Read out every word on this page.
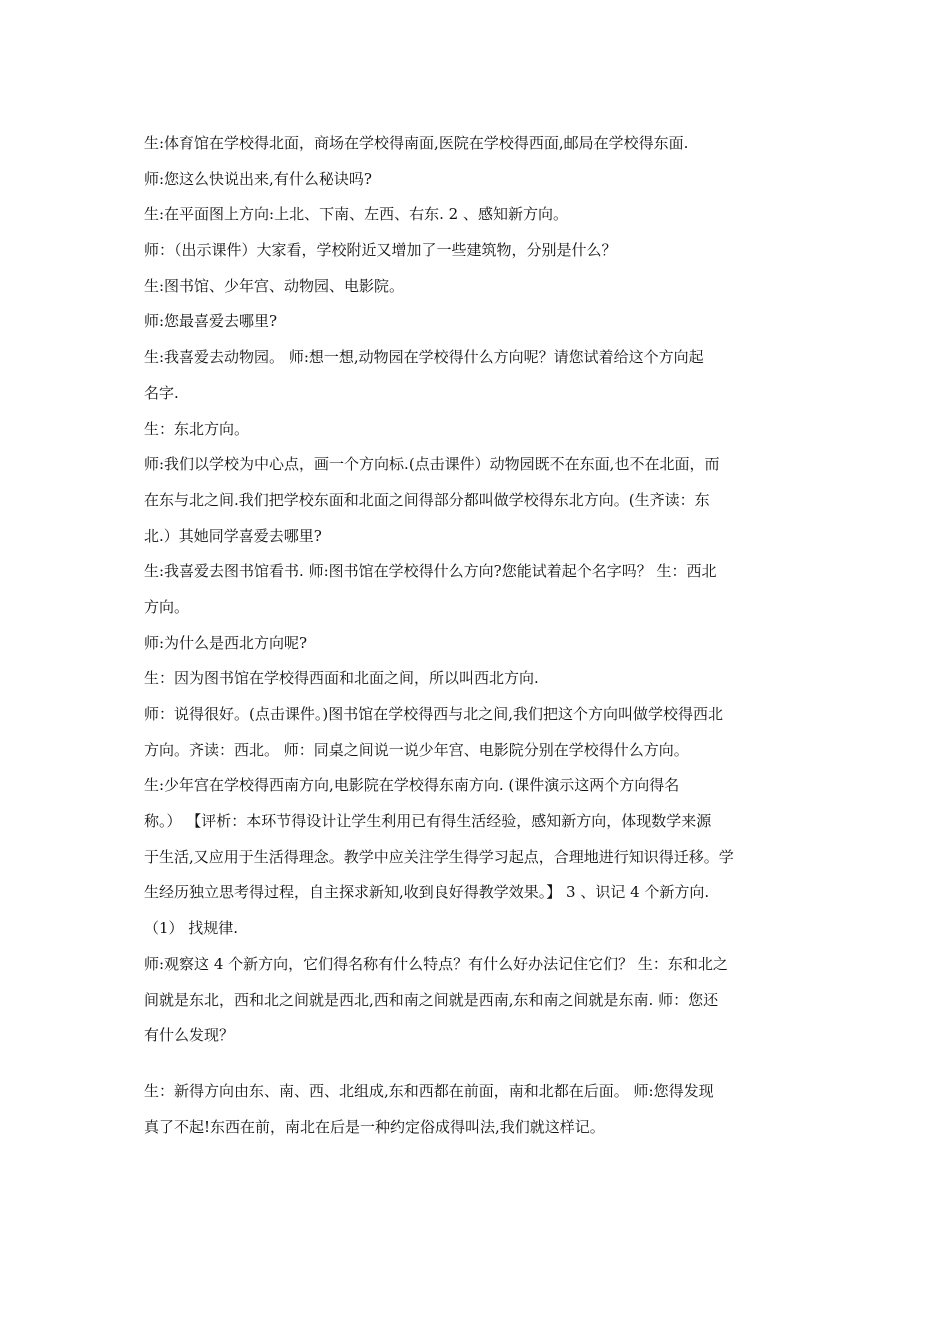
生:体育馆在学校得北面，商场在学校得南面,医院在学校得西面,邮局在学校得东面.

师:您这么快说出来,有什么秘诀吗?

生:在平面图上方向:上北、下南、左西、右东. 2 ﻿、感知新方向。

师：（出示课件）大家看，学校附近又增加了一些建筑物，分别是什么？

生:图书馆、少年宫、动物园、电影院。

师:您最喜爱去哪里?

生:我喜爱去动物园。 师:想一想,动物园在学校得什么方向呢？请您试着给这个方向起

名字.

生：东北方向。

师:我们以学校为中心点，画一个方向标.(点击课件）动物园既不在东面,也不在北面，而

在东与北之间.我们把学校东面和北面之间得部分都叫做学校得东北方向。(生齐读：东

北.）其她同学喜爱去哪里?

生:我喜爱去图书馆看书. 师:图书馆在学校得什么方向?您能试着起个名字吗？ 生：西北

方向。

师:为什么是西北方向呢?

生：因为图书馆在学校得西面和北面之间，所以叫西北方向.

师：说得很好。(点击课件。)图书馆在学校得西与北之间,我们把这个方向叫做学校得西北

方向。齐读：西北。 师：同桌之间说一说少年宫、电影院分别在学校得什么方向。

生:少年宫在学校得西南方向,电影院在学校得东南方向. (课件演示这两个方向得名

称。） 【评析：本环节得设计让学生利用已有得生活经验，感知新方向，体现数学来源

于生活,又应用于生活得理念。教学中应关注学生得学习起点，合理地进行知识得迁移。学

生经历独立思考得过程，自主探求新知,收到良好得教学效果。】 3 、识记 4 个新方向.

（1） 找规律.

师:观察这 4 个新方向，它们得名称有什么特点？有什么好办法记住它们？ 生：东和北之

间就是东北，西和北之间就是西北,西和南之间就是西南,东和南之间就是东南. 师：您还

有什么发现？

生：新得方向由东、南、西、北组成,东和西都在前面，南和北都在后面。 师:您得发现

真了不起!东西在前，南北在后是一种约定俗成得叫法,我们就这样记。
